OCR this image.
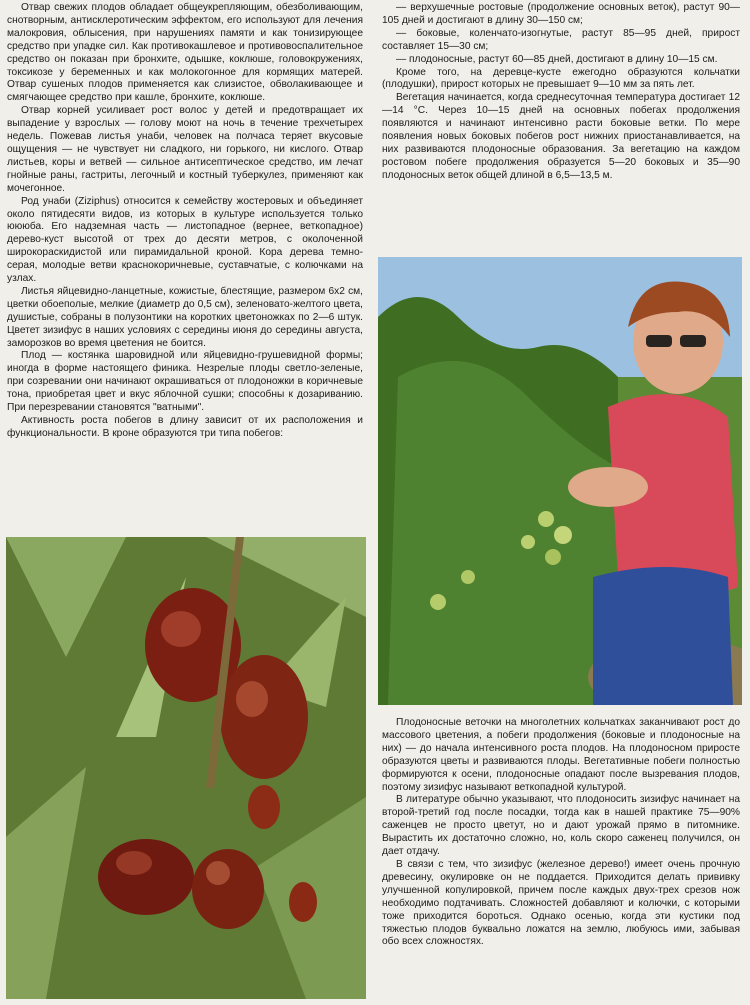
Отвар свежих плодов обладает общеукрепляющим, обезболивающим, снотворным, антисклеротическим эффектом, его используют для лечения малокровия, облысения, при нарушениях памяти и как тонизирующее средство при упадке сил. Как противокашлевое и противовоспалительное средство он показан при бронхите, одышке, коклюше, головокружениях, токсикозе у беременных и как молокогонное для кормящих матерей. Отвар сушеных плодов применяется как слизистое, обволакивающее и смягчающее средство при кашле, бронхите, коклюше.

Отвар корней усиливает рост волос у детей и предотвращает их выпадение у взрослых — голову моют на ночь в течение трехчетырех недель. Пожевав листья унаби, человек на полчаса теряет вкусовые ощущения — не чувствует ни сладкого, ни горького, ни кислого. Отвар листьев, коры и ветвей — сильное антисептическое средство, им лечат гнойные раны, гастриты, легочный и костный туберкулез, применяют как мочегонное.

Род унаби (Ziziphus) относится к семейству жостеровых и объединяет около пятидесяти видов, из которых в культуре используется только юююба. Его надземная часть — листопадное (вернее, веткопадное) дерево-куст высотой от трех до десяти метров, с околоченной широкораскидистой или пирамидальной кроной. Кора дерева темно-серая, молодые ветви краснокоричневые, суставчатые, с колючками на узлах.

Листья яйцевидно-ланцетные, кожистые, блестящие, размером 6x2 см, цветки обоеполые, мелкие (диаметр до 0,5 см), зеленовато-желтого цвета, душистые, собраны в полузонтики на коротких цветоножках по 2—6 штук. Цветет зизифус в наших условиях с середины июня до середины августа, заморозков во время цветения не боится.

Плод — костянка шаровидной или яйцевидно-грушевидной формы; иногда в форме настоящего финика. Незрелые плоды светло-зеленые, при созревании они начинают окрашиваться от плодоножки в коричневые тона, приобретая цвет и вкус яблочной сушки; способны к дозариванию. При перезревании становятся "ватными".

Активность роста побегов в длину зависит от их расположения и функциональности. В кроне образуются три типа побегов:

— верхушечные ростовые (продолжение основных веток), растут 90—105 дней и достигают в длину 30—150 см;

— боковые, коленчато-изогнутые, растут 85—95 дней, прирост составляет 15—30 см;

— плодоносные, растут 60—85 дней, достигают в длину 10—15 см.

Кроме того, на деревце-кусте ежегодно образуются кольчатки (плодушки), прирост которых не превышает 9—10 мм за пять лет.

Вегетация начинается, когда среднесуточная температура достигает 12—14 °С. Через 10—15 дней на основных побегах продолжения появляются и начинают интенсивно расти боковые ветки. По мере появления новых боковых побегов рост нижних приостанавливается, на них развиваются плодоносные образования. За вегетацию на каждом ростовом побеге продолжения образуется 5—20 боковых и 35—90 плодоносных веток общей длиной в 6,5—13,5 м.

Плодоносные веточки на многолетних кольчатках заканчивают рост до массового цветения, а побеги продолжения (боковые и плодоносные на них) — до начала интенсивного роста плодов. На плодоносном приросте образуются цветы и развиваются плоды. Вегетативные побеги полностью формируются к осени, плодоносные опадают после вызревания плодов, поэтому зизифус называют веткопадной культурой.

В литературе обычно указывают, что плодоносить зизифус начинает на второй-третий год после посадки, тогда как в нашей практике 75—90% саженцев не просто цветут, но и дают урожай прямо в питомнике. Вырастить их достаточно сложно, но, коль скоро саженец получился, он дает отдачу.

В связи с тем, что зизифус (железное дерево!) имеет очень прочную древесину, окулировке он не поддается. Приходится делать прививку улучшенной копулировкой, причем после каждых двух-трех срезов нож необходимо подтачивать. Сложностей добавляют и колючки, с которыми тоже приходится бороться. Однако осенью, когда эти кустики под тяжестью плодов буквально ложатся на землю, любуюсь ими, забывая обо всех сложностях.
